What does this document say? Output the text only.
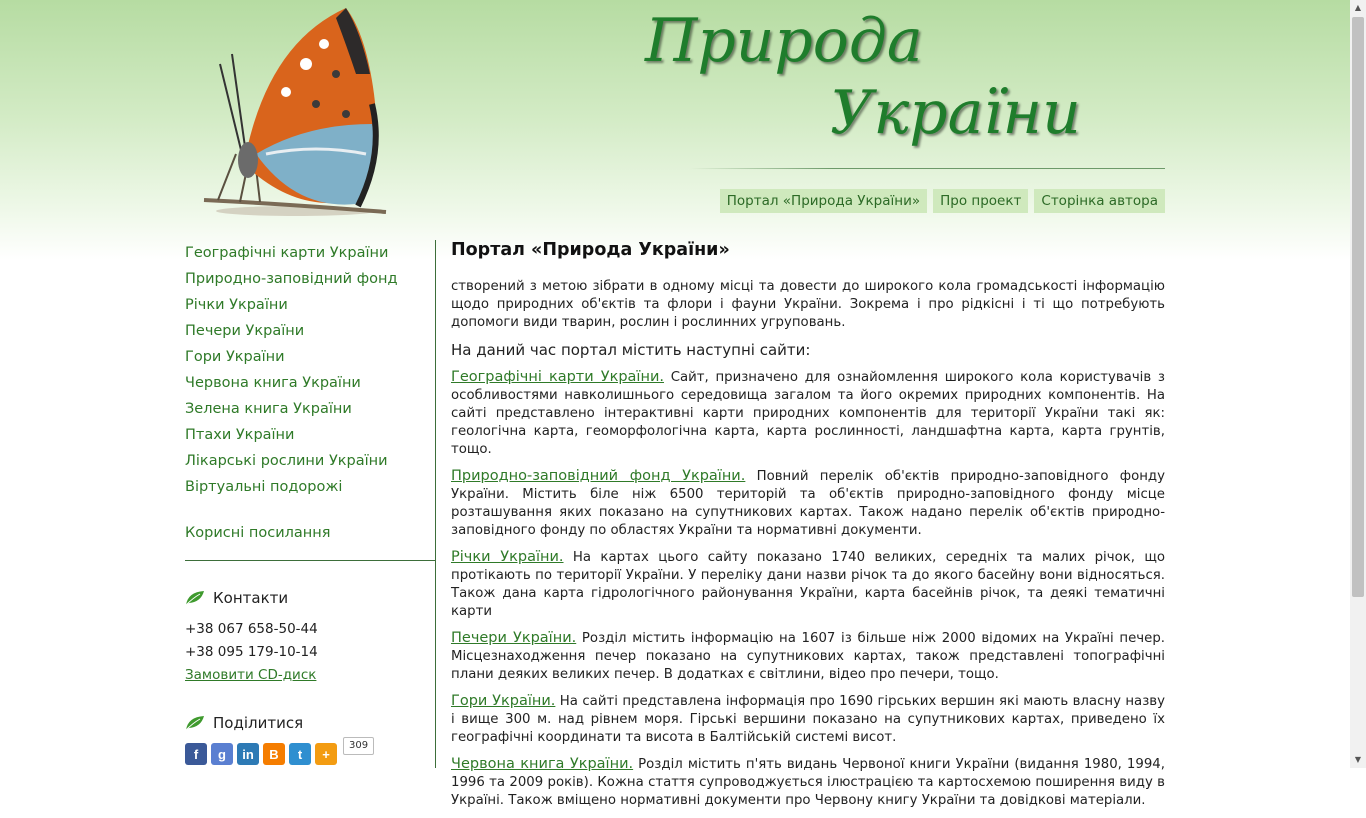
Природа
України
Портал «Природа України»	Про проект	Сторінка автора
Географічні карти України
Природно-заповідний фонд
Річки України
Печери України
Гори України
Червона книга України
Зелена книга України
Птахи України
Лікарські рослини України
Віртуальні подорожі
Корисні посилання
Контакти
+38 067 658-50-44
+38 095 179-10-14
Замовити CD-диск
Поділитися
f	g	in	B	t	+
309
Портал «Природа України»

створений з метою зібрати в одному місці та довести до широкого кола громадськості інформацію щодо природних об'єктів та флори і фауни України. Зокрема і про рідкісні і ті що потребують допомоги види тварин, рослин і рослинних угруповань.

На даний час портал містить наступні сайти:

Географічні карти України. Сайт, призначено для ознайомлення широкого кола користувачів з особливостями навколишнього середовища загалом та його окремих природних компонентів. На сайті представлено інтерактивні карти природних компонентів для території України такі як: геологічна карта, геоморфологічна карта, карта рослинності, ландшафтна карта, карта грунтів, тощо.

Природно-заповідний фонд України. Повний перелік об'єктів природно-заповідного фонду України. Містить біле ніж 6500 територій та об'єктів природно-заповідного фонду місце розташування яких показано на супутникових картах. Також надано перелік об'єктів природно-заповідного фонду по областях України та нормативні документи.

Річки України. На картах цього сайту показано 1740 великих, середніх та малих річок, що протікають по території України. У переліку дани назви річок та до якого басейну вони відносяться. Також дана карта гідрологічного районування України, карта басейнів річок, та деякі тематичні карти

Печери України. Розділ містить інформацію на 1607 із більше ніж 2000 відомих на Україні печер. Місцезнаходження печер показано на супутникових картах, також представлені топографічні плани деяких великих печер. В додатках є світлини, відео про печери, тощо.

Гори України. На сайті представлена інформація про 1690 гірських вершин які мають власну назву і вище 300 м. над рівнем моря. Гірські вершини показано на супутникових картах, приведено їх географічні координати та висота в Балтійській системі висот.

Червона книга України. Розділ містить п'ять видань Червоної книги України (видання 1980, 1994, 1996 та 2009 років). Кожна стаття супроводжується ілюстрацією та картосхемою поширення виду в Україні. Також вміщено нормативні документи про Червону книгу України та довідкові матеріали.

▲
▼
